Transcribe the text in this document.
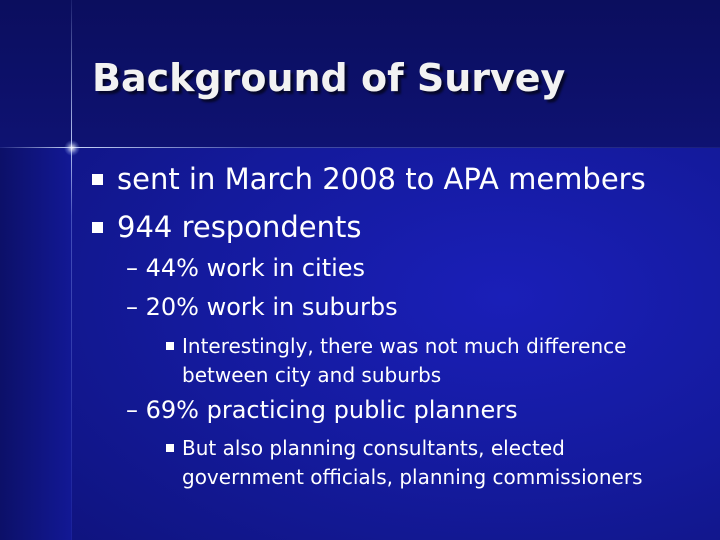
Background of Survey
sent in March 2008 to APA members
944 respondents
– 44% work in cities
– 20% work in suburbs
Interestingly, there was not much difference
between city and suburbs
– 69% practicing public planners
But also planning consultants, elected
government officials, planning commissioners
